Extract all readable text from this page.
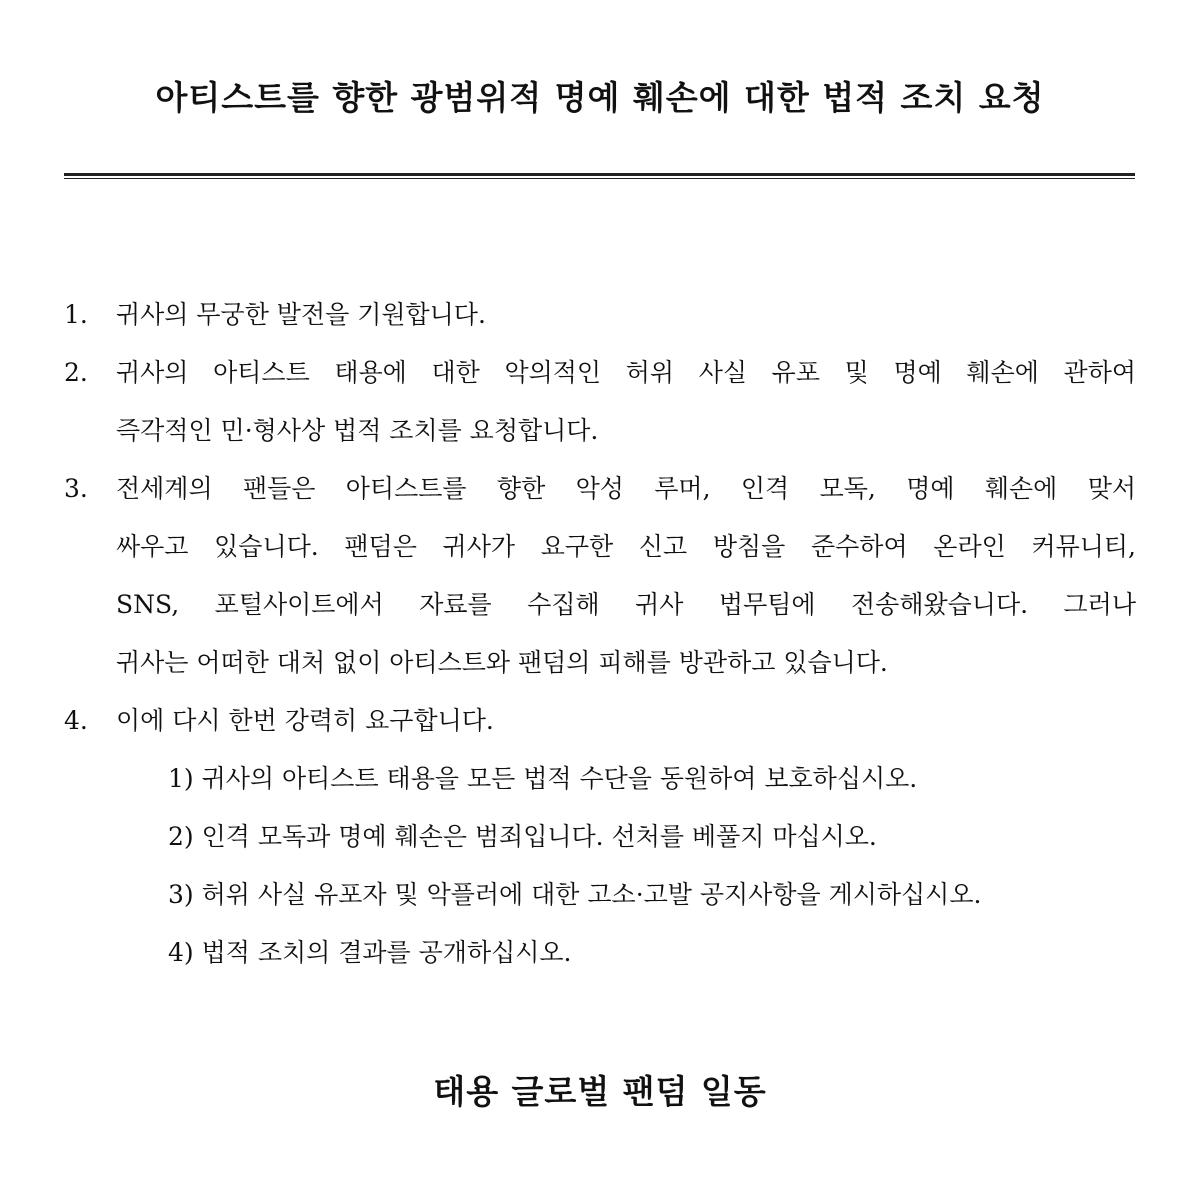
아티스트를 향한 광범위적 명예 훼손에 대한 법적 조치 요청
1. 귀사의 무궁한 발전을 기원합니다.
2. 귀사의 아티스트 태용에 대한 악의적인 허위 사실 유포 및 명예 훼손에 관하여
즉각적인 민·형사상 법적 조치를 요청합니다.
3. 전세계의 팬들은 아티스트를 향한 악성 루머, 인격 모독, 명예 훼손에 맞서
싸우고 있습니다. 팬덤은 귀사가 요구한 신고 방침을 준수하여 온라인 커뮤니티,
SNS, 포털사이트에서 자료를 수집해 귀사 법무팀에 전송해왔습니다. 그러나
귀사는 어떠한 대처 없이 아티스트와 팬덤의 피해를 방관하고 있습니다.
4. 이에 다시 한번 강력히 요구합니다.
1) 귀사의 아티스트 태용을 모든 법적 수단을 동원하여 보호하십시오.
2) 인격 모독과 명예 훼손은 범죄입니다. 선처를 베풀지 마십시오.
3) 허위 사실 유포자 및 악플러에 대한 고소·고발 공지사항을 게시하십시오.
4) 법적 조치의 결과를 공개하십시오.
태용 글로벌 팬덤 일동
